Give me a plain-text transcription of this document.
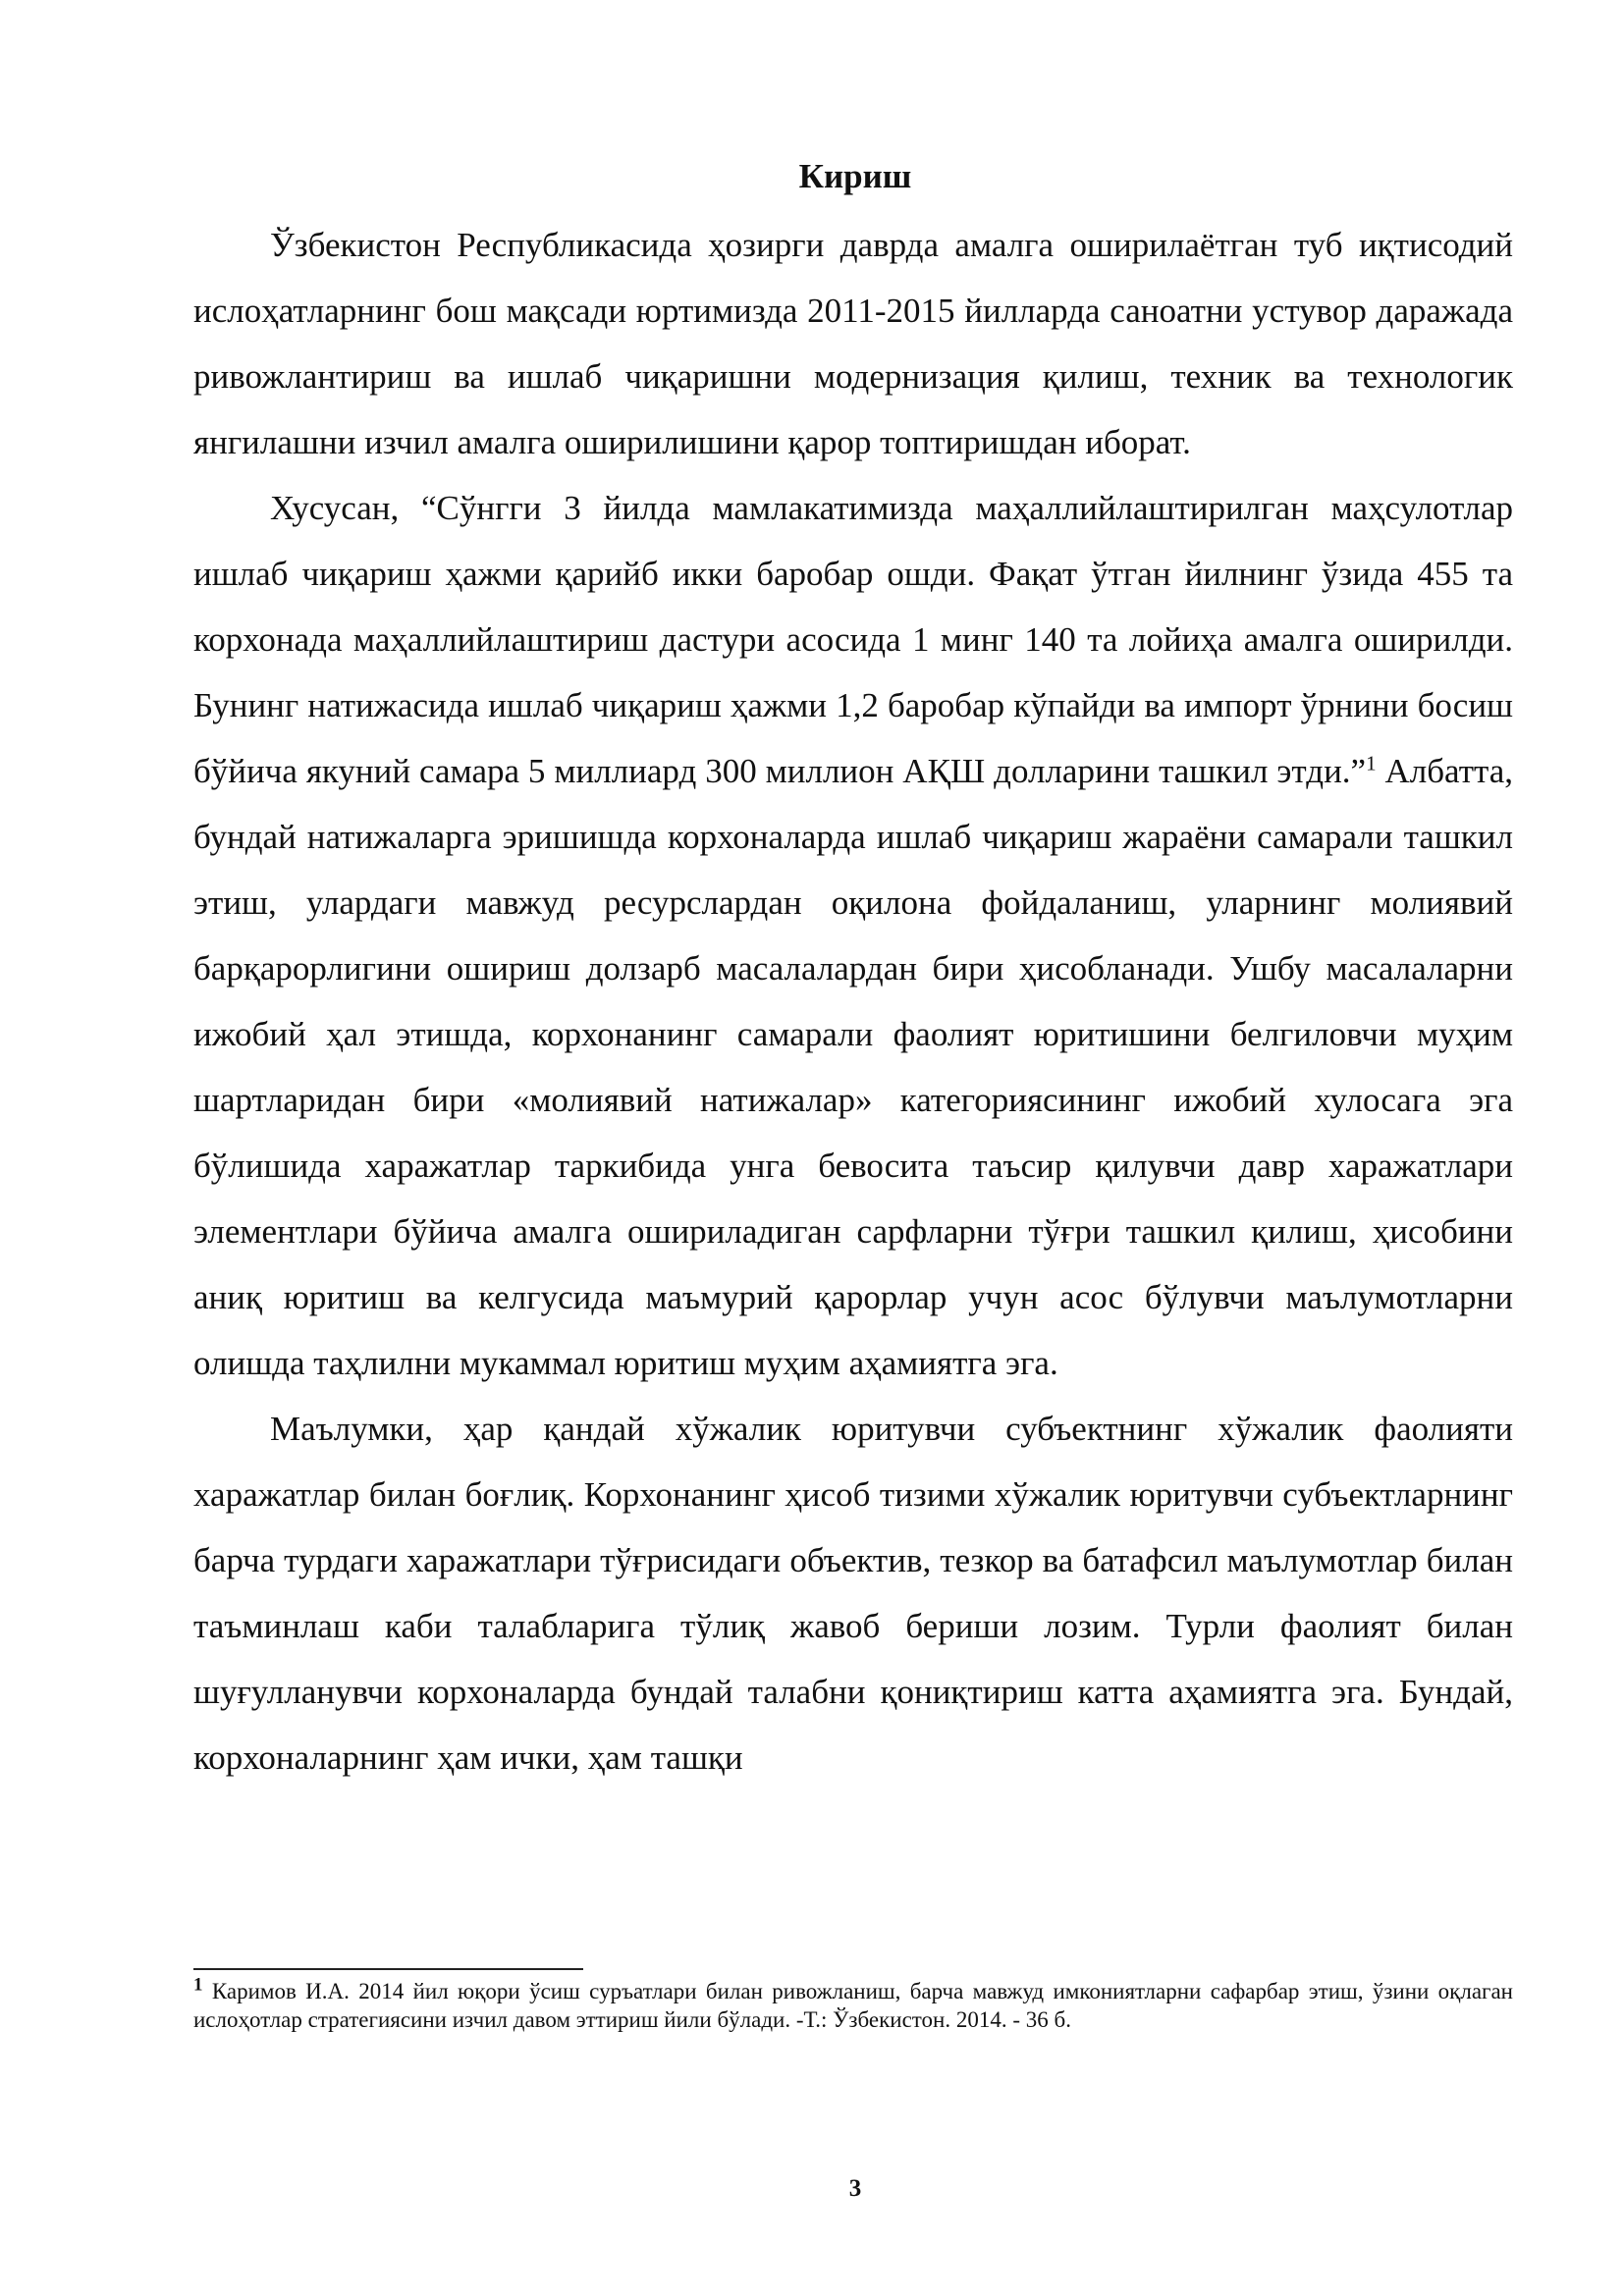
Кириш

Ўзбекистон Республикасида ҳозирги даврда амалга оширилаётган туб иқтисодий ислоҳатларнинг бош мақсади юртимизда 2011-2015 йилларда саноатни устувор даражада ривожлантириш ва ишлаб чиқаришни модернизация қилиш, техник ва технологик янгилашни изчил амалга оширилишини қарор топтиришдан иборат.

Хусусан, “Сўнгги 3 йилда мамлакатимизда маҳаллийлаштирилган маҳсулотлар ишлаб чиқариш ҳажми қарийб икки баробар ошди. Фақат ўтган йилнинг ўзида 455 та корхонада маҳаллийлаштириш дастури асосида 1 минг 140 та лойиҳа амалга оширилди. Бунинг натижасида ишлаб чиқариш ҳажми 1,2 баробар кўпайди ва импорт ўрнини босиш бўйича якуний самара 5 миллиард 300 миллион АҚШ долларини ташкил этди.”$^1$ Албатта, бундай натижаларга эришишда корхоналарда ишлаб чиқариш жараёни самарали ташкил этиш, улардаги мавжуд ресурслардан оқилона фойдаланиш, уларнинг молиявий барқарорлигини ошириш долзарб масалалардан бири ҳисобланади. Ушбу масалаларни ижобий ҳал этишда, корхонанинг самарали фаолият юритишини белгиловчи муҳим шартларидан бири «молиявий натижалар» категориясининг ижобий хулосага эга бўлишида харажатлар таркибида унга бевосита таъсир қилувчи давр харажатлари элементлари бўйича амалга ошириладиган сарфларни тўғри ташкил қилиш, ҳисобини аниқ юритиш ва келгусида маъмурий қарорлар учун асос бўлувчи маълумотларни олишда таҳлилни мукаммал юритиш муҳим аҳамиятга эга.

Маълумки, ҳар қандай хўжалик юритувчи субъектнинг хўжалик фаолияти харажатлар билан боғлиқ. Корхонанинг ҳисоб тизими хўжалик юритувчи субъектларнинг барча турдаги харажатлари тўғрисидаги объектив, тезкор ва батафсил маълумотлар билан таъминлаш каби талабларига тўлиқ жавоб бериши лозим. Турли фаолият билан шуғулланувчи корхоналарда бундай талабни қониқтириш катта аҳамиятга эга. Бундай, корхоналарнинг ҳам ички, ҳам ташқи

$^1$ Каримов И.А. 2014 йил юқори ўсиш суръатлари билан ривожланиш, барча мавжуд имкониятларни сафарбар этиш, ўзини оқлаган ислоҳотлар стратегиясини изчил давом эттириш йили бўлади. -Т.: Ўзбекистон. 2014. - 36 б.

3
